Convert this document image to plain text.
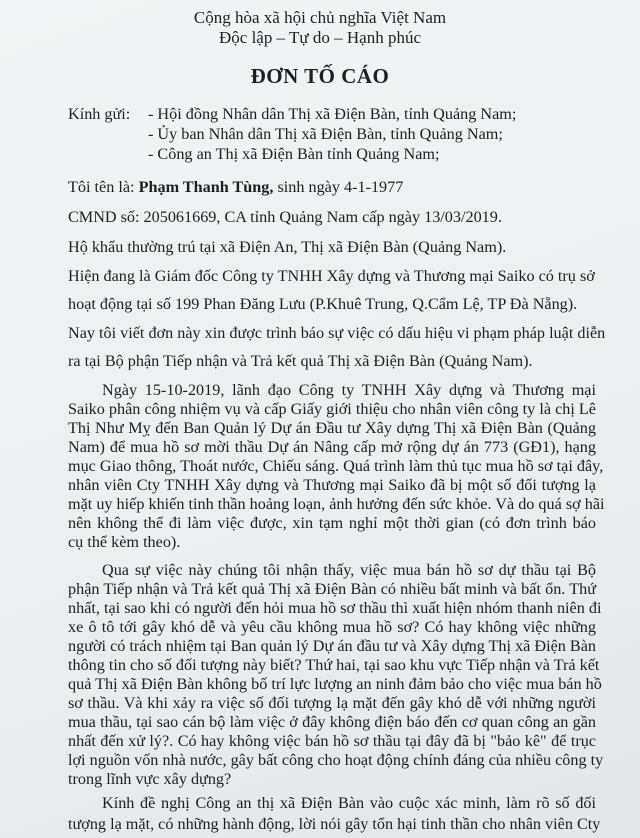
Cộng hòa xã hội chủ nghĩa Việt Nam
Độc lập – Tự do – Hạnh phúc
ĐƠN TỐ CÁO
Kính gửi: - Hội đồng Nhân dân Thị xã Điện Bàn, tỉnh Quảng Nam;
- Ủy ban Nhân dân Thị xã Điện Bàn, tỉnh Quảng Nam;
- Công an Thị xã Điện Bàn tỉnh Quảng Nam;
Tôi tên là: Phạm Thanh Tùng, sinh ngày 4-1-1977
CMND số: 205061669, CA tỉnh Quảng Nam cấp ngày 13/03/2019.
Hộ khẩu thường trú tại xã Điện An, Thị xã Điện Bàn (Quảng Nam).
Hiện đang là Giám đốc Công ty TNHH Xây dựng và Thương mại Saiko có trụ sở
hoạt động tại số 199 Phan Đăng Lưu (P.Khuê Trung, Q.Cẩm Lệ, TP Đà Nẵng).
Nay tôi viết đơn này xin được trình báo sự việc có dấu hiệu vi phạm pháp luật diễn
ra tại Bộ phận Tiếp nhận và Trả kết quả Thị xã Điện Bàn (Quảng Nam).
Ngày 15-10-2019, lãnh đạo Công ty TNHH Xây dựng và Thương mại
Saiko phân công nhiệm vụ và cấp Giấy giới thiệu cho nhân viên công ty là chị Lê
Thị Như Mỵ đến Ban Quản lý Dự án Đầu tư Xây dựng Thị xã Điện Bàn (Quảng
Nam) để mua hồ sơ mời thầu Dự án Nâng cấp mở rộng dự án 773 (GĐ1), hạng
mục Giao thông, Thoát nước, Chiếu sáng. Quá trình làm thủ tục mua hồ sơ tại đây,
nhân viên Cty TNHH Xây dựng và Thương mại Saiko đã bị một số đối tượng lạ
mặt uy hiếp khiến tinh thần hoảng loạn, ảnh hưởng đến sức khỏe. Và do quá sợ hãi
nên không thể đi làm việc được, xin tạm nghỉ một thời gian (có đơn trình báo
cụ thể kèm theo).
Qua sự việc này chúng tôi nhận thấy, việc mua bán hồ sơ dự thầu tại Bộ
phận Tiếp nhận và Trả kết quả Thị xã Điện Bàn có nhiều bất minh và bất ổn. Thứ
nhất, tại sao khi có người đến hỏi mua hồ sơ thầu thì xuất hiện nhóm thanh niên đi
xe ô tô tới gây khó dễ và yêu cầu không mua hồ sơ? Có hay không việc những
người có trách nhiệm tại Ban quản lý Dự án đầu tư và Xây dựng Thị xã Điện Bàn
thông tin cho số đối tượng này biết? Thứ hai, tại sao khu vực Tiếp nhận và Trả kết
quả Thị xã Điện Bàn không bố trí lực lượng an ninh đảm bảo cho việc mua bán hồ
sơ thầu. Và khi xảy ra việc số đối tượng lạ mặt đến gây khó dễ với những người
mua thầu, tại sao cán bộ làm việc ở đây không điện báo đến cơ quan công an gần
nhất đến xử lý?. Có hay không việc bán hồ sơ thầu tại đây đã bị "bảo kê" để trục
lợi nguồn vốn nhà nước, gây bất công cho hoạt động chính đáng của nhiều công ty
trong lĩnh vực xây dựng?
Kính đề nghị Công an thị xã Điện Bàn vào cuộc xác minh, làm rõ số đối
tượng lạ mặt, có những hành động, lời nói gây tổn hại tinh thần cho nhân viên Cty
